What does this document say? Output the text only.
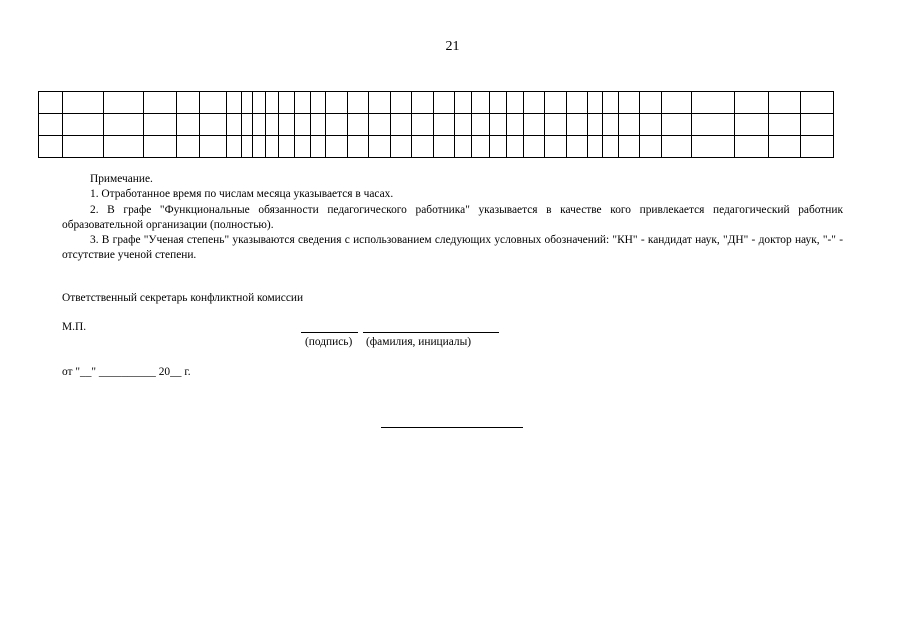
21

Примечание.

1. Отработанное время по числам месяца указывается в часах.

2. В графе "Функциональные обязанности педагогического работника" указывается в качестве кого привлекается педагогический работник образовательной организации (полностью).

3. В графе "Ученая степень" указываются сведения с использованием следующих условных обозначений: "КН" - кандидат наук, "ДН" - доктор наук, "-" - отсутствие ученой степени.

Ответственный секретарь конфликтной комиссии
М.П.
(подпись) (фамилия, инициалы)
от "__" __________ 20__ г.
